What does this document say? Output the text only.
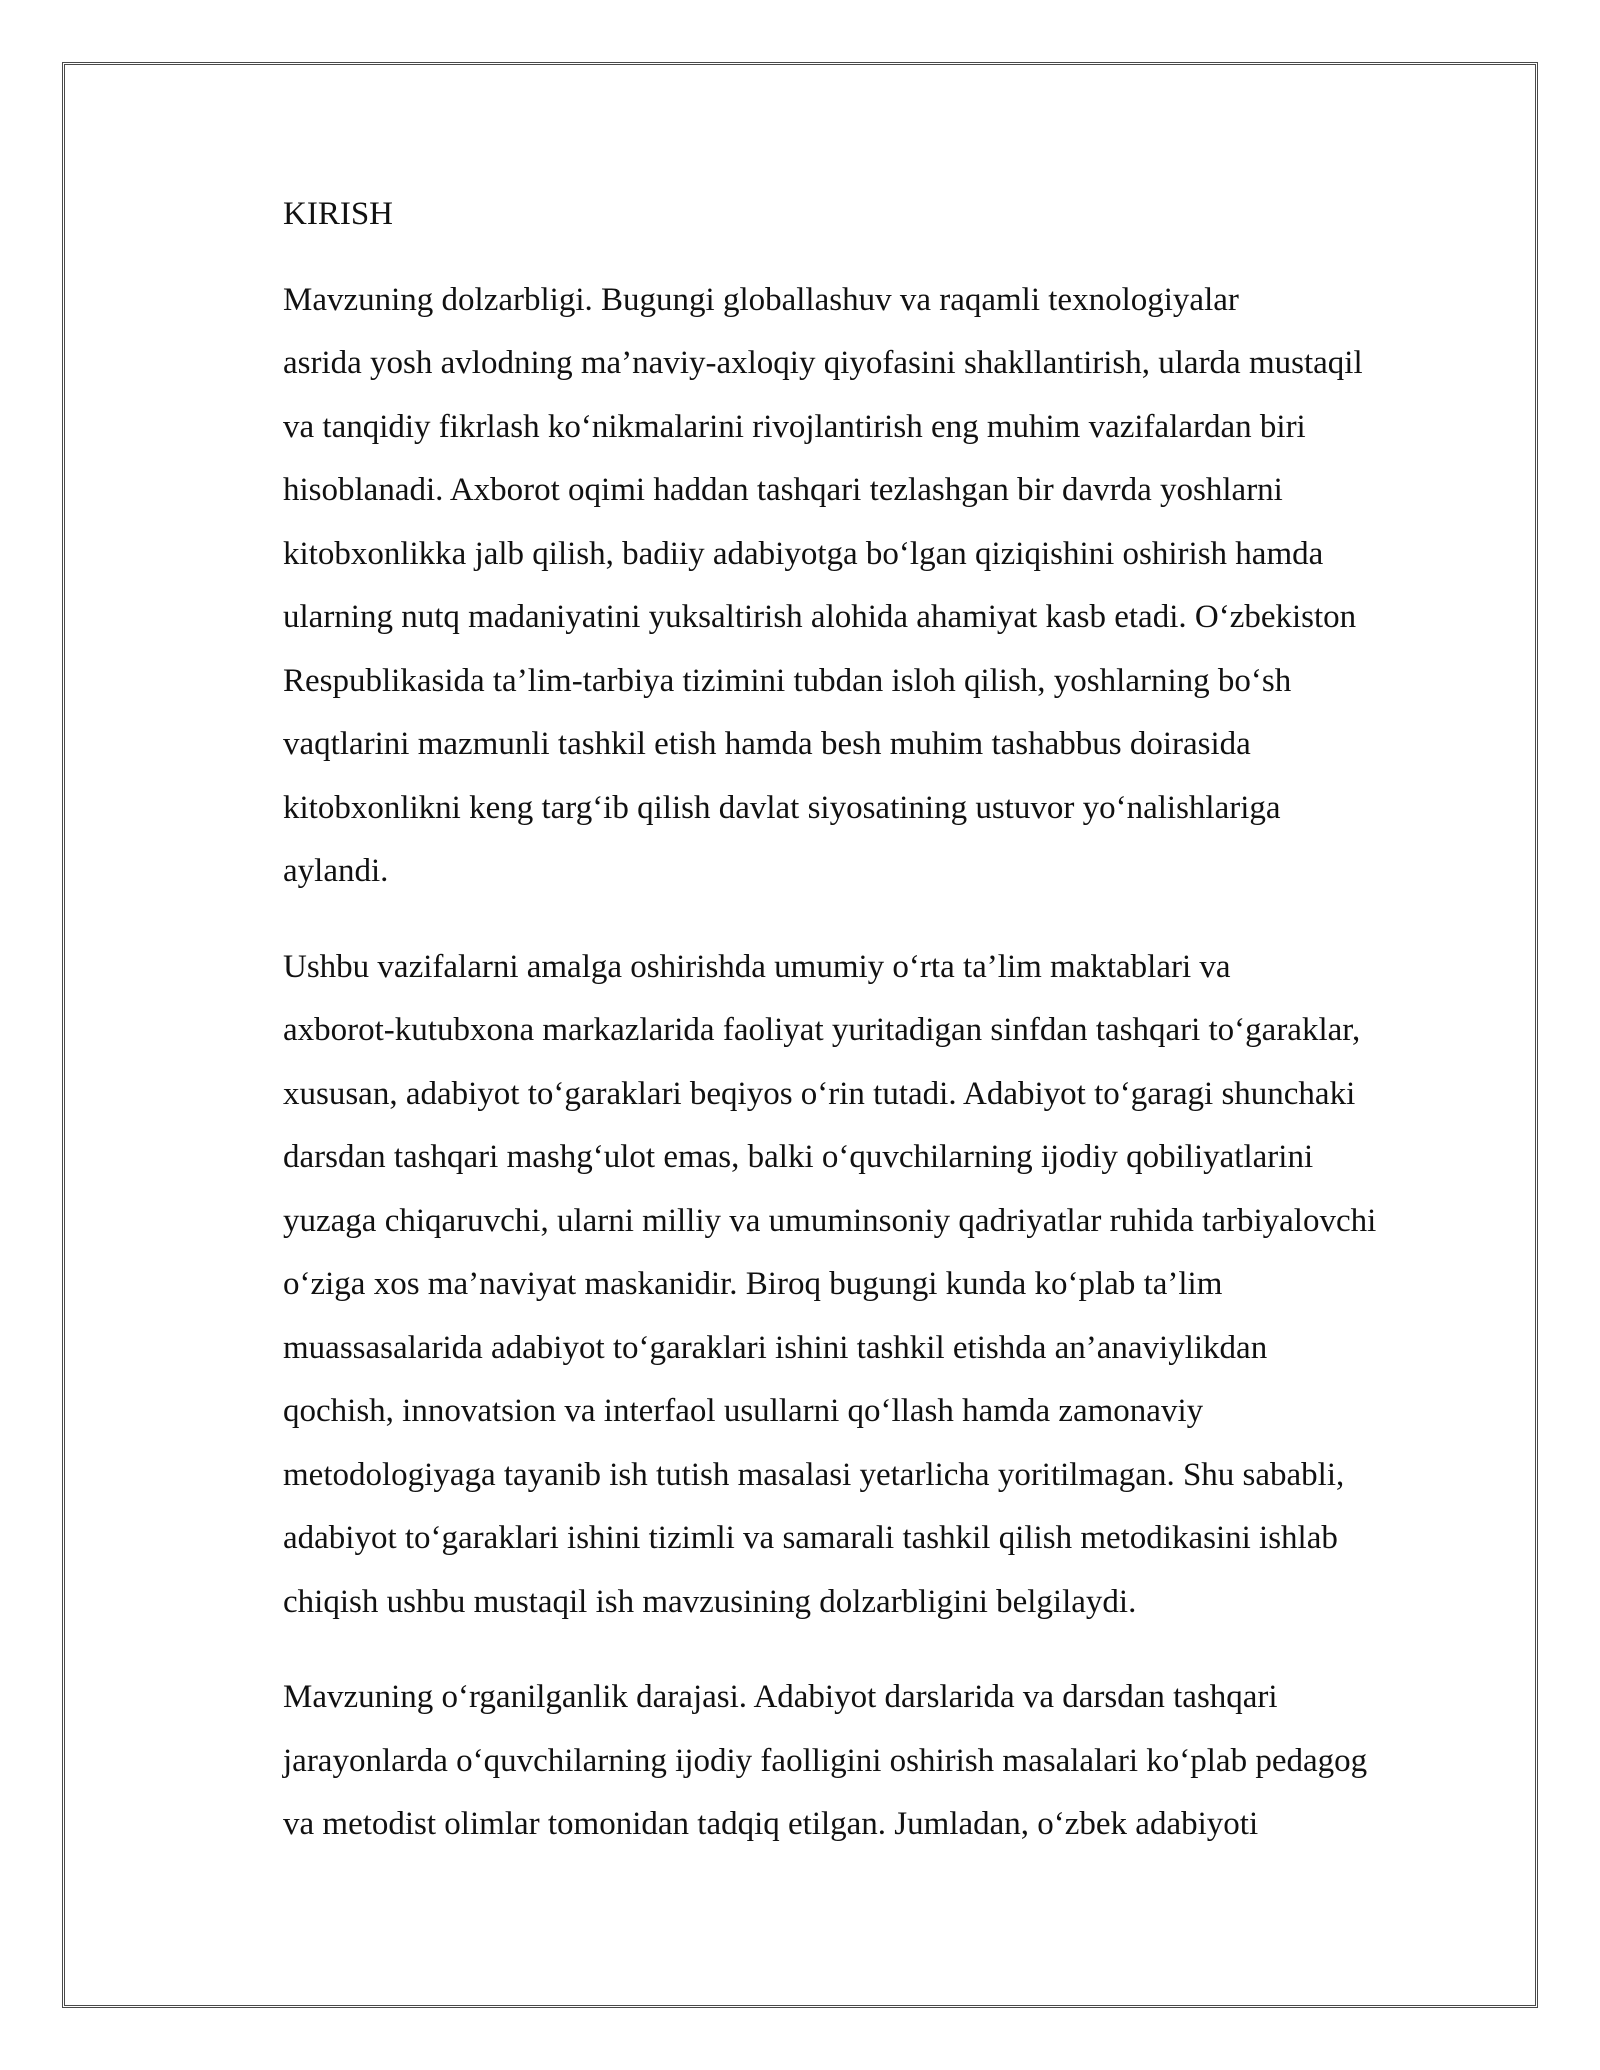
KIRISH

Mavzuning dolzarbligi. Bugungi globallashuv va raqamli texnologiyalar
asrida yosh avlodning ma’naviy-axloqiy qiyofasini shakllantirish, ularda mustaqil
va tanqidiy fikrlash ko‘nikmalarini rivojlantirish eng muhim vazifalardan biri
hisoblanadi. Axborot oqimi haddan tashqari tezlashgan bir davrda yoshlarni
kitobxonlikka jalb qilish, badiiy adabiyotga bo‘lgan qiziqishini oshirish hamda
ularning nutq madaniyatini yuksaltirish alohida ahamiyat kasb etadi. O‘zbekiston
Respublikasida ta’lim-tarbiya tizimini tubdan isloh qilish, yoshlarning bo‘sh
vaqtlarini mazmunli tashkil etish hamda besh muhim tashabbus doirasida
kitobxonlikni keng targ‘ib qilish davlat siyosatining ustuvor yo‘nalishlariga
aylandi.

Ushbu vazifalarni amalga oshirishda umumiy o‘rta ta’lim maktablari va
axborot-kutubxona markazlarida faoliyat yuritadigan sinfdan tashqari to‘garaklar,
xususan, adabiyot to‘garaklari beqiyos o‘rin tutadi. Adabiyot to‘garagi shunchaki
darsdan tashqari mashg‘ulot emas, balki o‘quvchilarning ijodiy qobiliyatlarini
yuzaga chiqaruvchi, ularni milliy va umuminsoniy qadriyatlar ruhida tarbiyalovchi
o‘ziga xos ma’naviyat maskanidir. Biroq bugungi kunda ko‘plab ta’lim
muassasalarida adabiyot to‘garaklari ishini tashkil etishda an’anaviylikdan
qochish, innovatsion va interfaol usullarni qo‘llash hamda zamonaviy
metodologiyaga tayanib ish tutish masalasi yetarlicha yoritilmagan. Shu sababli,
adabiyot to‘garaklari ishini tizimli va samarali tashkil qilish metodikasini ishlab
chiqish ushbu mustaqil ish mavzusining dolzarbligini belgilaydi.

Mavzuning o‘rganilganlik darajasi. Adabiyot darslarida va darsdan tashqari
jarayonlarda o‘quvchilarning ijodiy faolligini oshirish masalalari ko‘plab pedagog
va metodist olimlar tomonidan tadqiq etilgan. Jumladan, o‘zbek adabiyoti
